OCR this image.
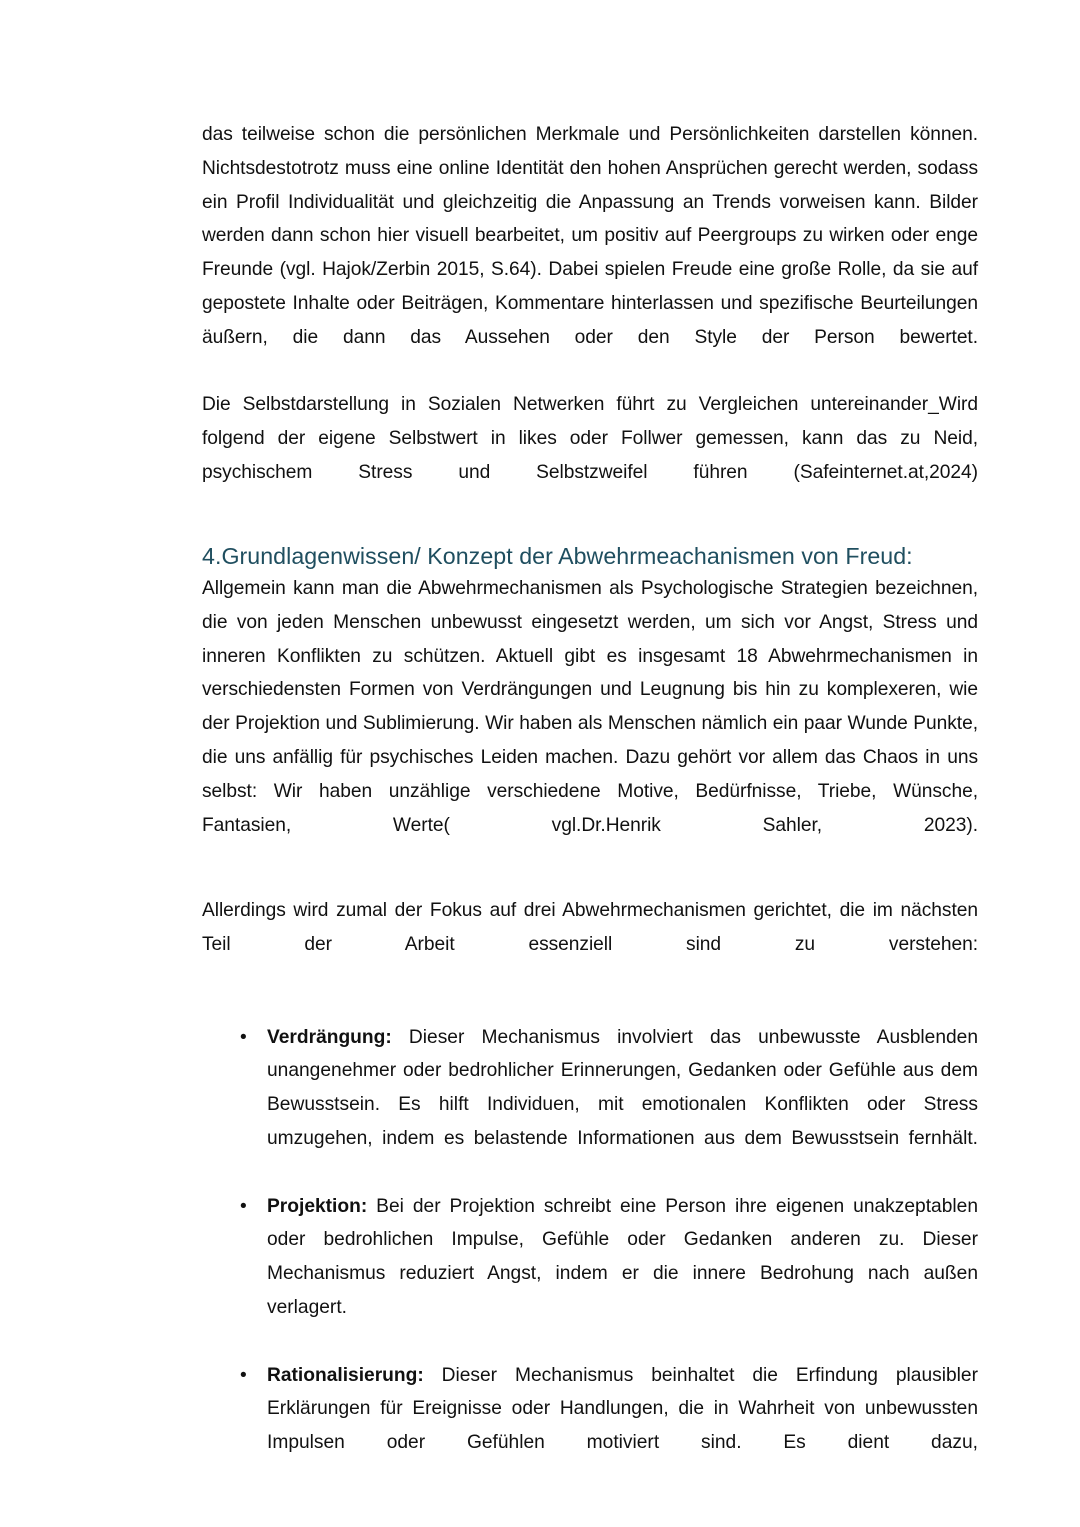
das teilweise schon die persönlichen Merkmale und Persönlichkeiten darstellen können. Nichtsdestotrotz muss eine online Identität den hohen Ansprüchen gerecht werden, sodass ein Profil Individualität und gleichzeitig die Anpassung an Trends vorweisen kann. Bilder werden dann schon hier visuell bearbeitet, um positiv auf Peergroups zu wirken oder enge Freunde (vgl. Hajok/Zerbin 2015, S.64). Dabei spielen Freude eine große Rolle, da sie auf gepostete Inhalte oder Beiträgen, Kommentare hinterlassen und spezifische Beurteilungen äußern, die dann das Aussehen oder den Style der Person bewertet.

Die Selbstdarstellung in Sozialen Netwerken führt zu Vergleichen untereinander_Wird folgend der eigene Selbstwert in likes oder Follwer gemessen, kann das zu Neid, psychischem Stress und Selbstzweifel führen (Safeinternet.at,2024)

4.Grundlagenwissen/ Konzept der Abwehrmeachanismen von Freud:

Allgemein kann man die Abwehrmechanismen als Psychologische Strategien bezeichnen, die von jeden Menschen unbewusst eingesetzt werden, um sich vor Angst, Stress und inneren Konflikten zu schützen. Aktuell gibt es insgesamt 18 Abwehrmechanismen in verschiedensten Formen von Verdrängungen und Leugnung bis hin zu komplexeren, wie der Projektion und Sublimierung. Wir haben als Menschen nämlich ein paar Wunde Punkte, die uns anfällig für psychisches Leiden machen. Dazu gehört vor allem das Chaos in uns selbst: Wir haben unzählige verschiedene Motive, Bedürfnisse, Triebe, Wünsche, Fantasien, Werte( vgl.Dr.Henrik Sahler, 2023).

Allerdings wird zumal der Fokus auf drei Abwehrmechanismen gerichtet, die im nächsten Teil der Arbeit essenziell sind zu verstehen:

• Verdrängung: Dieser Mechanismus involviert das unbewusste Ausblenden unangenehmer oder bedrohlicher Erinnerungen, Gedanken oder Gefühle aus dem Bewusstsein. Es hilft Individuen, mit emotionalen Konflikten oder Stress umzugehen, indem es belastende Informationen aus dem Bewusstsein fernhält.

• Projektion: Bei der Projektion schreibt eine Person ihre eigenen unakzeptablen oder bedrohlichen Impulse, Gefühle oder Gedanken anderen zu. Dieser Mechanismus reduziert Angst, indem er die innere Bedrohung nach außen verlagert.

• Rationalisierung: Dieser Mechanismus beinhaltet die Erfindung plausibler Erklärungen für Ereignisse oder Handlungen, die in Wahrheit von unbewussten Impulsen oder Gefühlen motiviert sind. Es dient dazu,
